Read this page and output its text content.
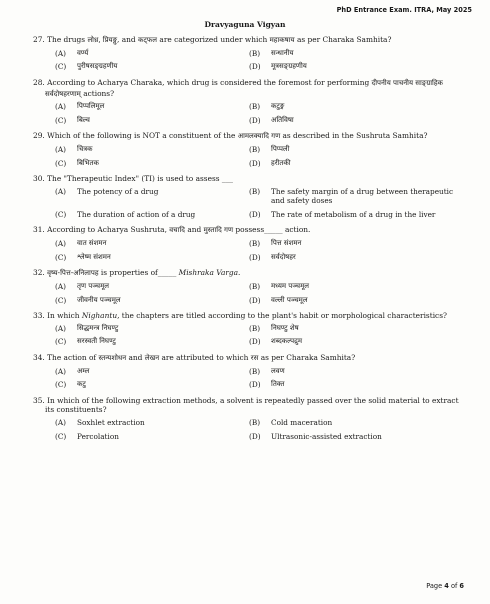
PhD Entrance Exam. ITRA, May 2025
Dravyaguna Vigyan
27. The drugs लोध्र, प्रियङ्गु, and कट्फल are categorized under which महाकषाय as per Charaka Samhita?
(A)	वर्ण्य	(B)	सन्धानीय
(C)	पुरीषसङ्ग्रहणीय	(D)	मूत्रसङ्ग्रहणीय
28. According to Acharya Charaka, which drug is considered the foremost for performing दीपनीय पाचनीय साङ्ग्राहिक सर्वदोषहरणाम् actions?
(A)	पिप्पलिमूल	(B)	कटुङ्ग
(C)	बिल्व	(D)	अतिविषा
29. Which of the following is NOT a constituent of the आमलक्यादि गण as described in the Sushruta Samhita?
(A)	चित्रक	(B)	पिप्पली
(C)	बिभितक	(D)	हरीतकी
30. The "Therapeutic Index" (TI) is used to assess ___
(A)	The potency of a drug	(B)	The safety margin of a drug between therapeutic and safety doses
(C)	The duration of action of a drug	(D)	The rate of metabolism of a drug in the liver
31. According to Acharya Sushruta, वचादि and मुस्तादि गण possess_____ action.
(A)	वात संशमन	(B)	पित्त संशमन
(C)	श्लेष्म संशमन	(D)	सर्वदोषहर
32. वृष्य-पित्त-अनिलापह is properties of_____ Mishraka Varga.
(A)	तृण पञ्चमूल	(B)	मध्यम पञ्चमूल
(C)	जीवनीय पञ्चमूल	(D)	वल्ली पञ्चमूल
33. In which Nighantu, the chapters are titled according to the plant's habit or morphological characteristics?
(A)	सिद्धमन्त्र निघण्टु	(B)	निघण्टु शेष
(C)	सरस्वती निघण्टु	(D)	शब्दकल्पद्रुम
34. The action of स्तन्यशोधन and लेखन are attributed to which रस as per Charaka Samhita?
(A)	अम्ल	(B)	लवण
(C)	कटु	(D)	तिक्त
35. In which of the following extraction methods, a solvent is repeatedly passed over the solid material to extract its constituents?
(A)	Soxhlet extraction	(B)	Cold maceration
(C)	Percolation	(D)	Ultrasonic-assisted extraction
Page 4 of 6
